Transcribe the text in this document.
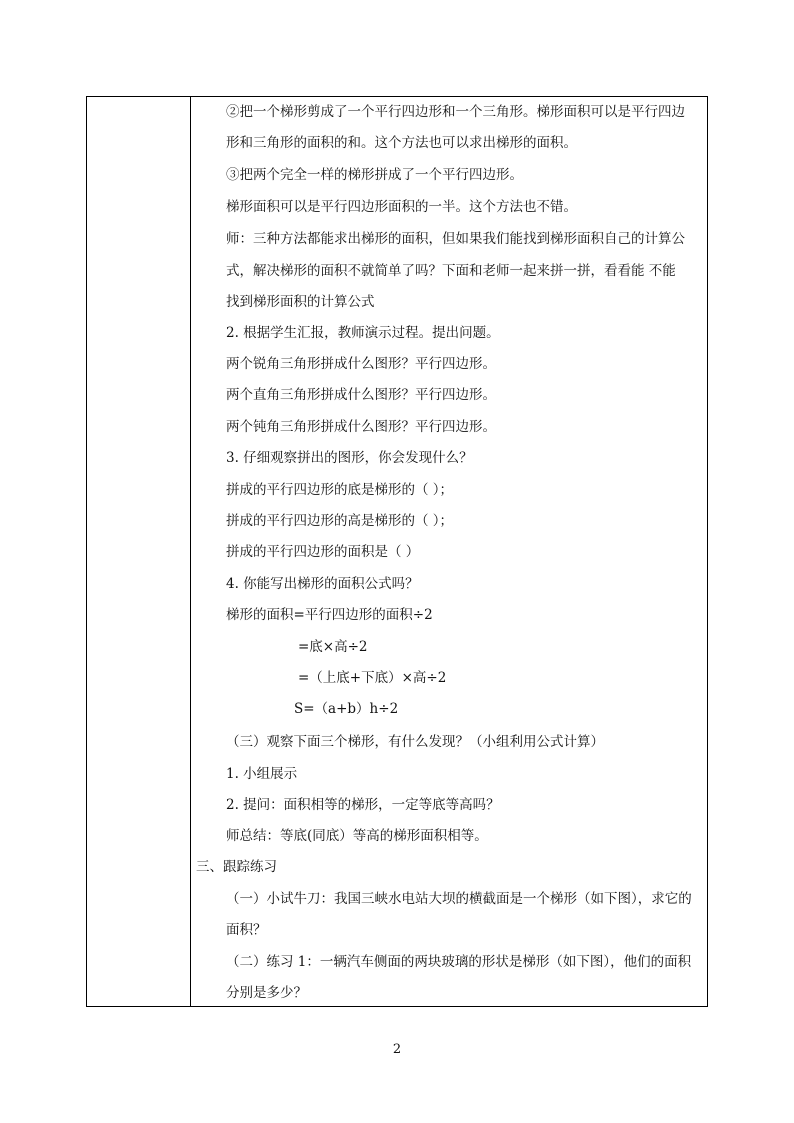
②把一个梯形剪成了一个平行四边形和一个三角形。梯形面积可以是平行四边
形和三角形的面积的和。这个方法也可以求出梯形的面积。
③把两个完全一样的梯形拼成了一个平行四边形。
梯形面积可以是平行四边形面积的一半。这个方法也不错。
师：三种方法都能求出梯形的面积，但如果我们能找到梯形面积自己的计算公
式，解决梯形的面积不就简单了吗？下面和老师一起来拼一拼，看看能 不能
找到梯形面积的计算公式
2. 根据学生汇报，教师演示过程。提出问题。
两个锐角三角形拼成什么图形？平行四边形。
两个直角三角形拼成什么图形？平行四边形。
两个钝角三角形拼成什么图形？平行四边形。
3. 仔细观察拼出的图形，你会发现什么？
拼成的平行四边形的底是梯形的（ ）；
拼成的平行四边形的高是梯形的（ ）；
拼成的平行四边形的面积是（ ）
4. 你能写出梯形的面积公式吗？
梯形的面积=平行四边形的面积÷2
=底×高÷2
=（上底+下底）×高÷2
S=（a+b）h÷2
（三）观察下面三个梯形，有什么发现？（小组利用公式计算）
1. 小组展示
2. 提问：面积相等的梯形，一定等底等高吗？
师总结：等底(同底）等高的梯形面积相等。
三、跟踪练习
（一）小试牛刀：我国三峡水电站大坝的横截面是一个梯形（如下图），求它的
面积？
（二）练习 1：一辆汽车侧面的两块玻璃的形状是梯形（如下图），他们的面积
分别是多少？
2
